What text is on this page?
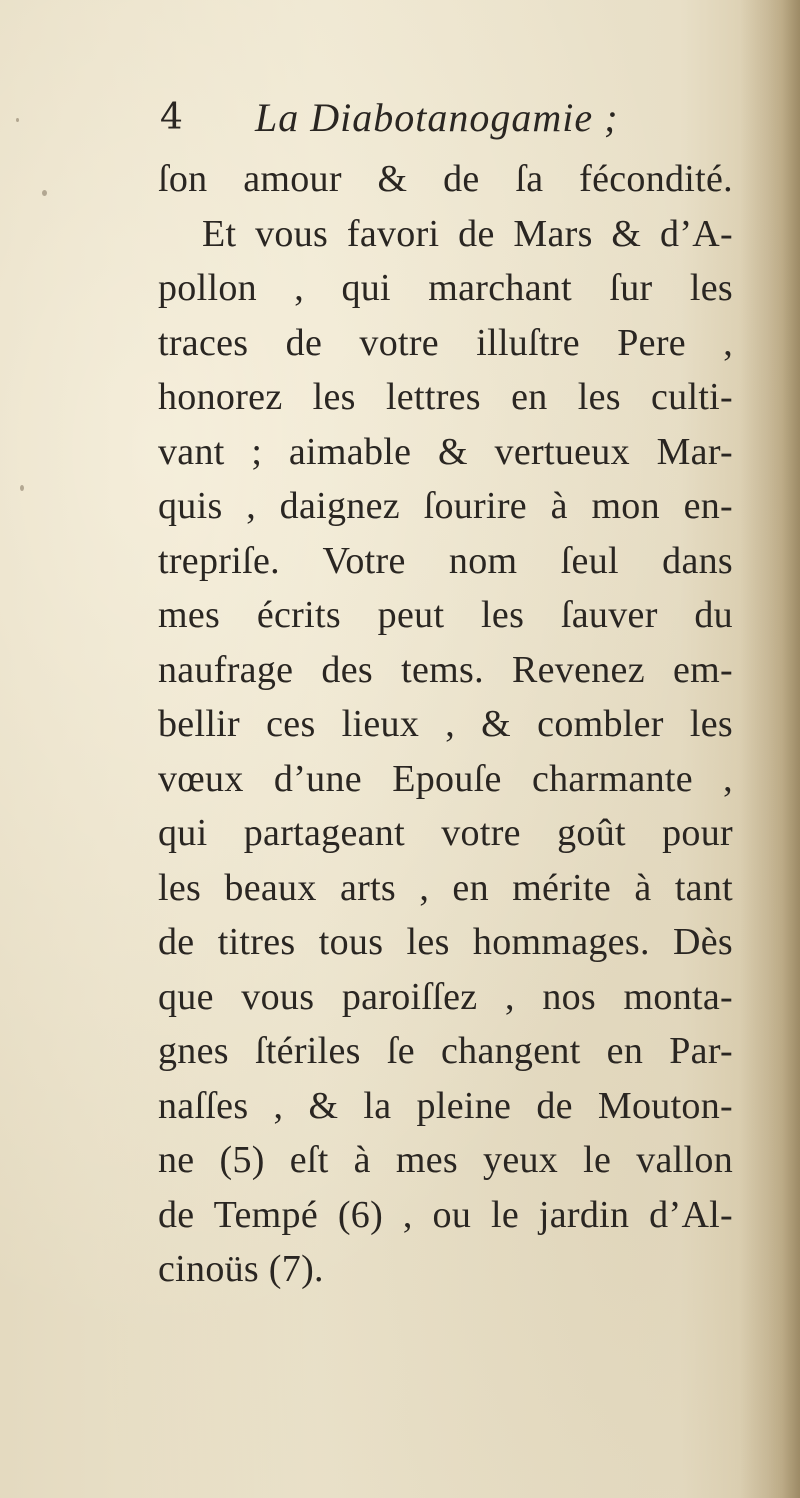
4 La Diabotanogamie ;
ſon amour & de ſa fécondité.
Et vous favori de Mars & d’A-
pollon , qui marchant ſur les
traces de votre illuſtre Pere ,
honorez les lettres en les culti-
vant ; aimable & vertueux Mar-
quis , daignez ſourire à mon en-
trepriſe. Votre nom ſeul dans
mes écrits peut les ſauver du
naufrage des tems. Revenez em-
bellir ces lieux , & combler les
vœux d’une Epouſe charmante ,
qui partageant votre goût pour
les beaux arts , en mérite à tant
de titres tous les hommages. Dès
que vous paroiſſez , nos monta-
gnes ſtériles ſe changent en Par-
naſſes , & la pleine de Mouton-
ne (5) eſt à mes yeux le vallon
de Tempé (6) , ou le jardin d’Al-
cinoüs (7).
